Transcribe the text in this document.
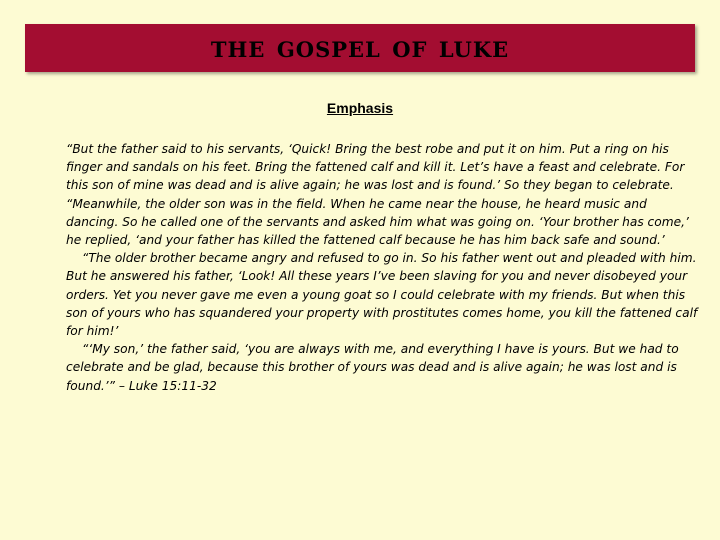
the gospel of luke
Emphasis

“But the father said to his servants, ‘Quick! Bring the best robe and put it on him. Put a ring on his finger and sandals on his feet. Bring the fattened calf and kill it. Let’s have a feast and celebrate. For this son of mine was dead and is alive again; he was lost and is found.’ So they began to celebrate. “Meanwhile, the older son was in the field. When he came near the house, he heard music and dancing. So he called one of the servants and asked him what was going on. ‘Your brother has come,’ he replied, ‘and your father has killed the fattened calf because he has him back safe and sound.’

“The older brother became angry and refused to go in. So his father went out and pleaded with him. But he answered his father, ‘Look! All these years I’ve been slaving for you and never disobeyed your orders. Yet you never gave me even a young goat so I could celebrate with my friends. But when this son of yours who has squandered your property with prostitutes comes home, you kill the fattened calf for him!’

“‘My son,’ the father said, ‘you are always with me, and everything I have is yours. But we had to celebrate and be glad, because this brother of yours was dead and is alive again; he was lost and is found.’” – Luke 15:11-32
